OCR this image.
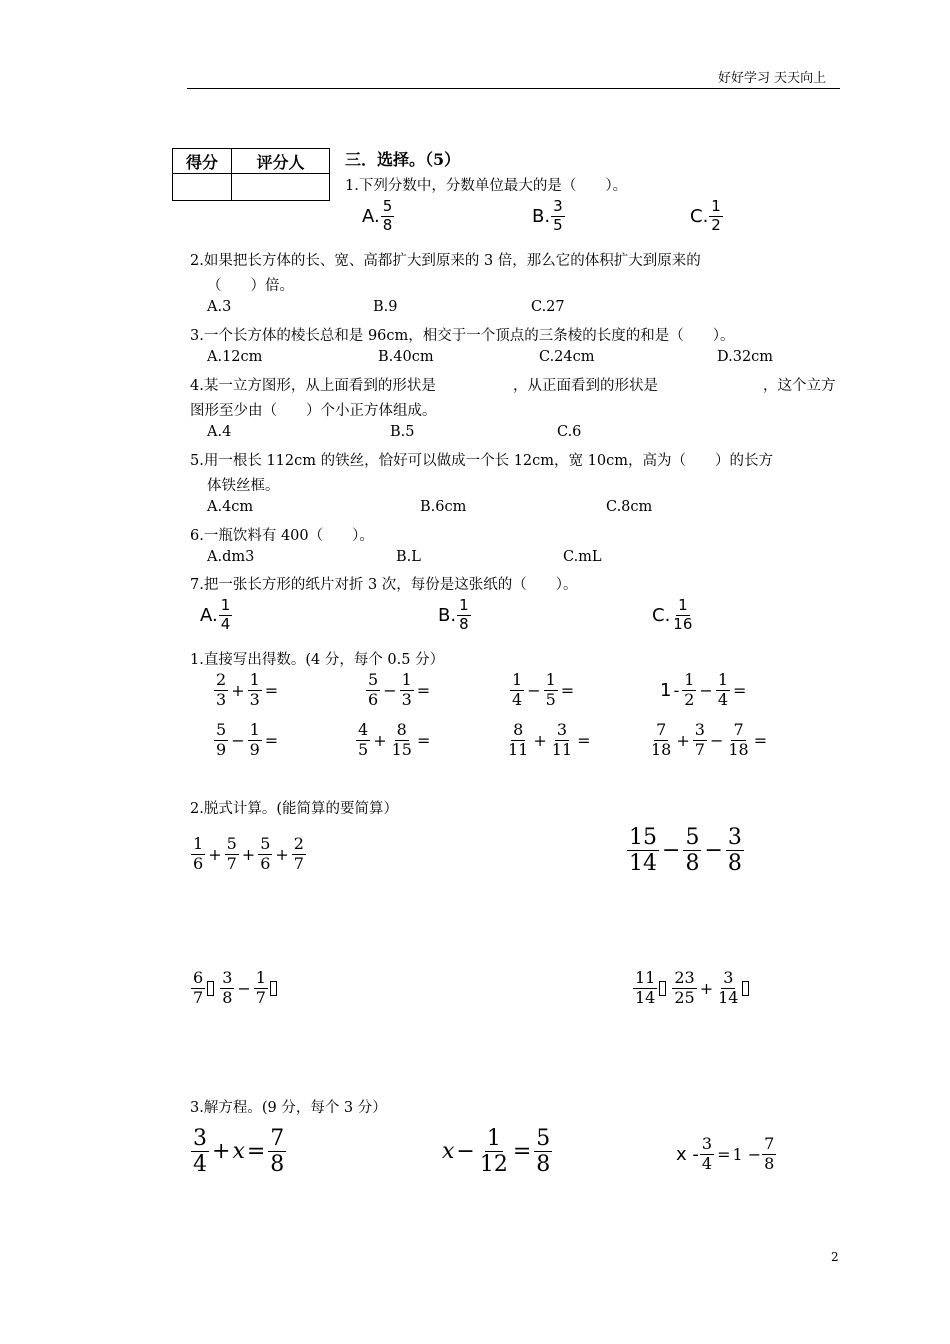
好好学习 天天向上
得分	评分人
		三．选择。（5）
1.下列分数中，分数单位最大的是（　　）。
A. $\frac{5}{8}$	B. $\frac{3}{5}$	C. $\frac{1}{2}$
2.如果把长方体的长、宽、高都扩大到原来的 3 倍，那么它的体积扩大到原来的
（　　）倍。
A.3	B.9	C.27
3.一个长方体的棱长总和是 96cm，相交于一个顶点的三条棱的长度的和是（　　）。
A.12cm	B.40cm	C.24cm	D.32cm
4.某一立方图形，从上面看到的形状是	，从正面看到的形状是	，这个立方
图形至少由（　　）个小正方体组成。
A.4	B.5	C.6
5.用一根长 112cm 的铁丝，恰好可以做成一个长 12cm，宽 10cm，高为（　　）的长方
体铁丝框。
A.4cm	B.6cm	C.8cm
6.一瓶饮料有 400（　　）。
A.dm3	B.L	C.mL
7.把一张长方形的纸片对折 3 次，每份是这张纸的（　　）。
A. $\frac{1}{4}$	B. $\frac{1}{8}$	C. $\frac{1}{16}$
1.直接写出得数。(4 分，每个 0.5 分）
$\frac{2}{3} + \frac{1}{3}$ =	$\frac{5}{6} - \frac{1}{3}$ =	$\frac{1}{4} - \frac{1}{5}$ =	$1 - \frac{1}{2} - \frac{1}{4}$ =
$\frac{5}{9} - \frac{1}{9}$ =	$\frac{4}{5} + \frac{8}{15}$ =	$\frac{8}{11} + \frac{3}{11}$ =	$\frac{7}{18} + \frac{3}{7} - \frac{7}{18}$ =
2.脱式计算。(能简算的要简算）
$\frac{1}{6} + \frac{5}{7} + \frac{5}{6} + \frac{2}{7}$	$\frac{15}{14} - \frac{5}{8} - \frac{3}{8}$
$\frac{6}{7} \frac{3}{8} - \frac{1}{7}$	$\frac{11}{14} \frac{23}{25} + \frac{3}{14}$
3.解方程。(9 分，每个 3 分）
$\frac{3}{4} + x = \frac{7}{8}$	$x - \frac{1}{12} = \frac{5}{8}$	$x - \frac{3}{4} = 1 - \frac{7}{8}$
2
